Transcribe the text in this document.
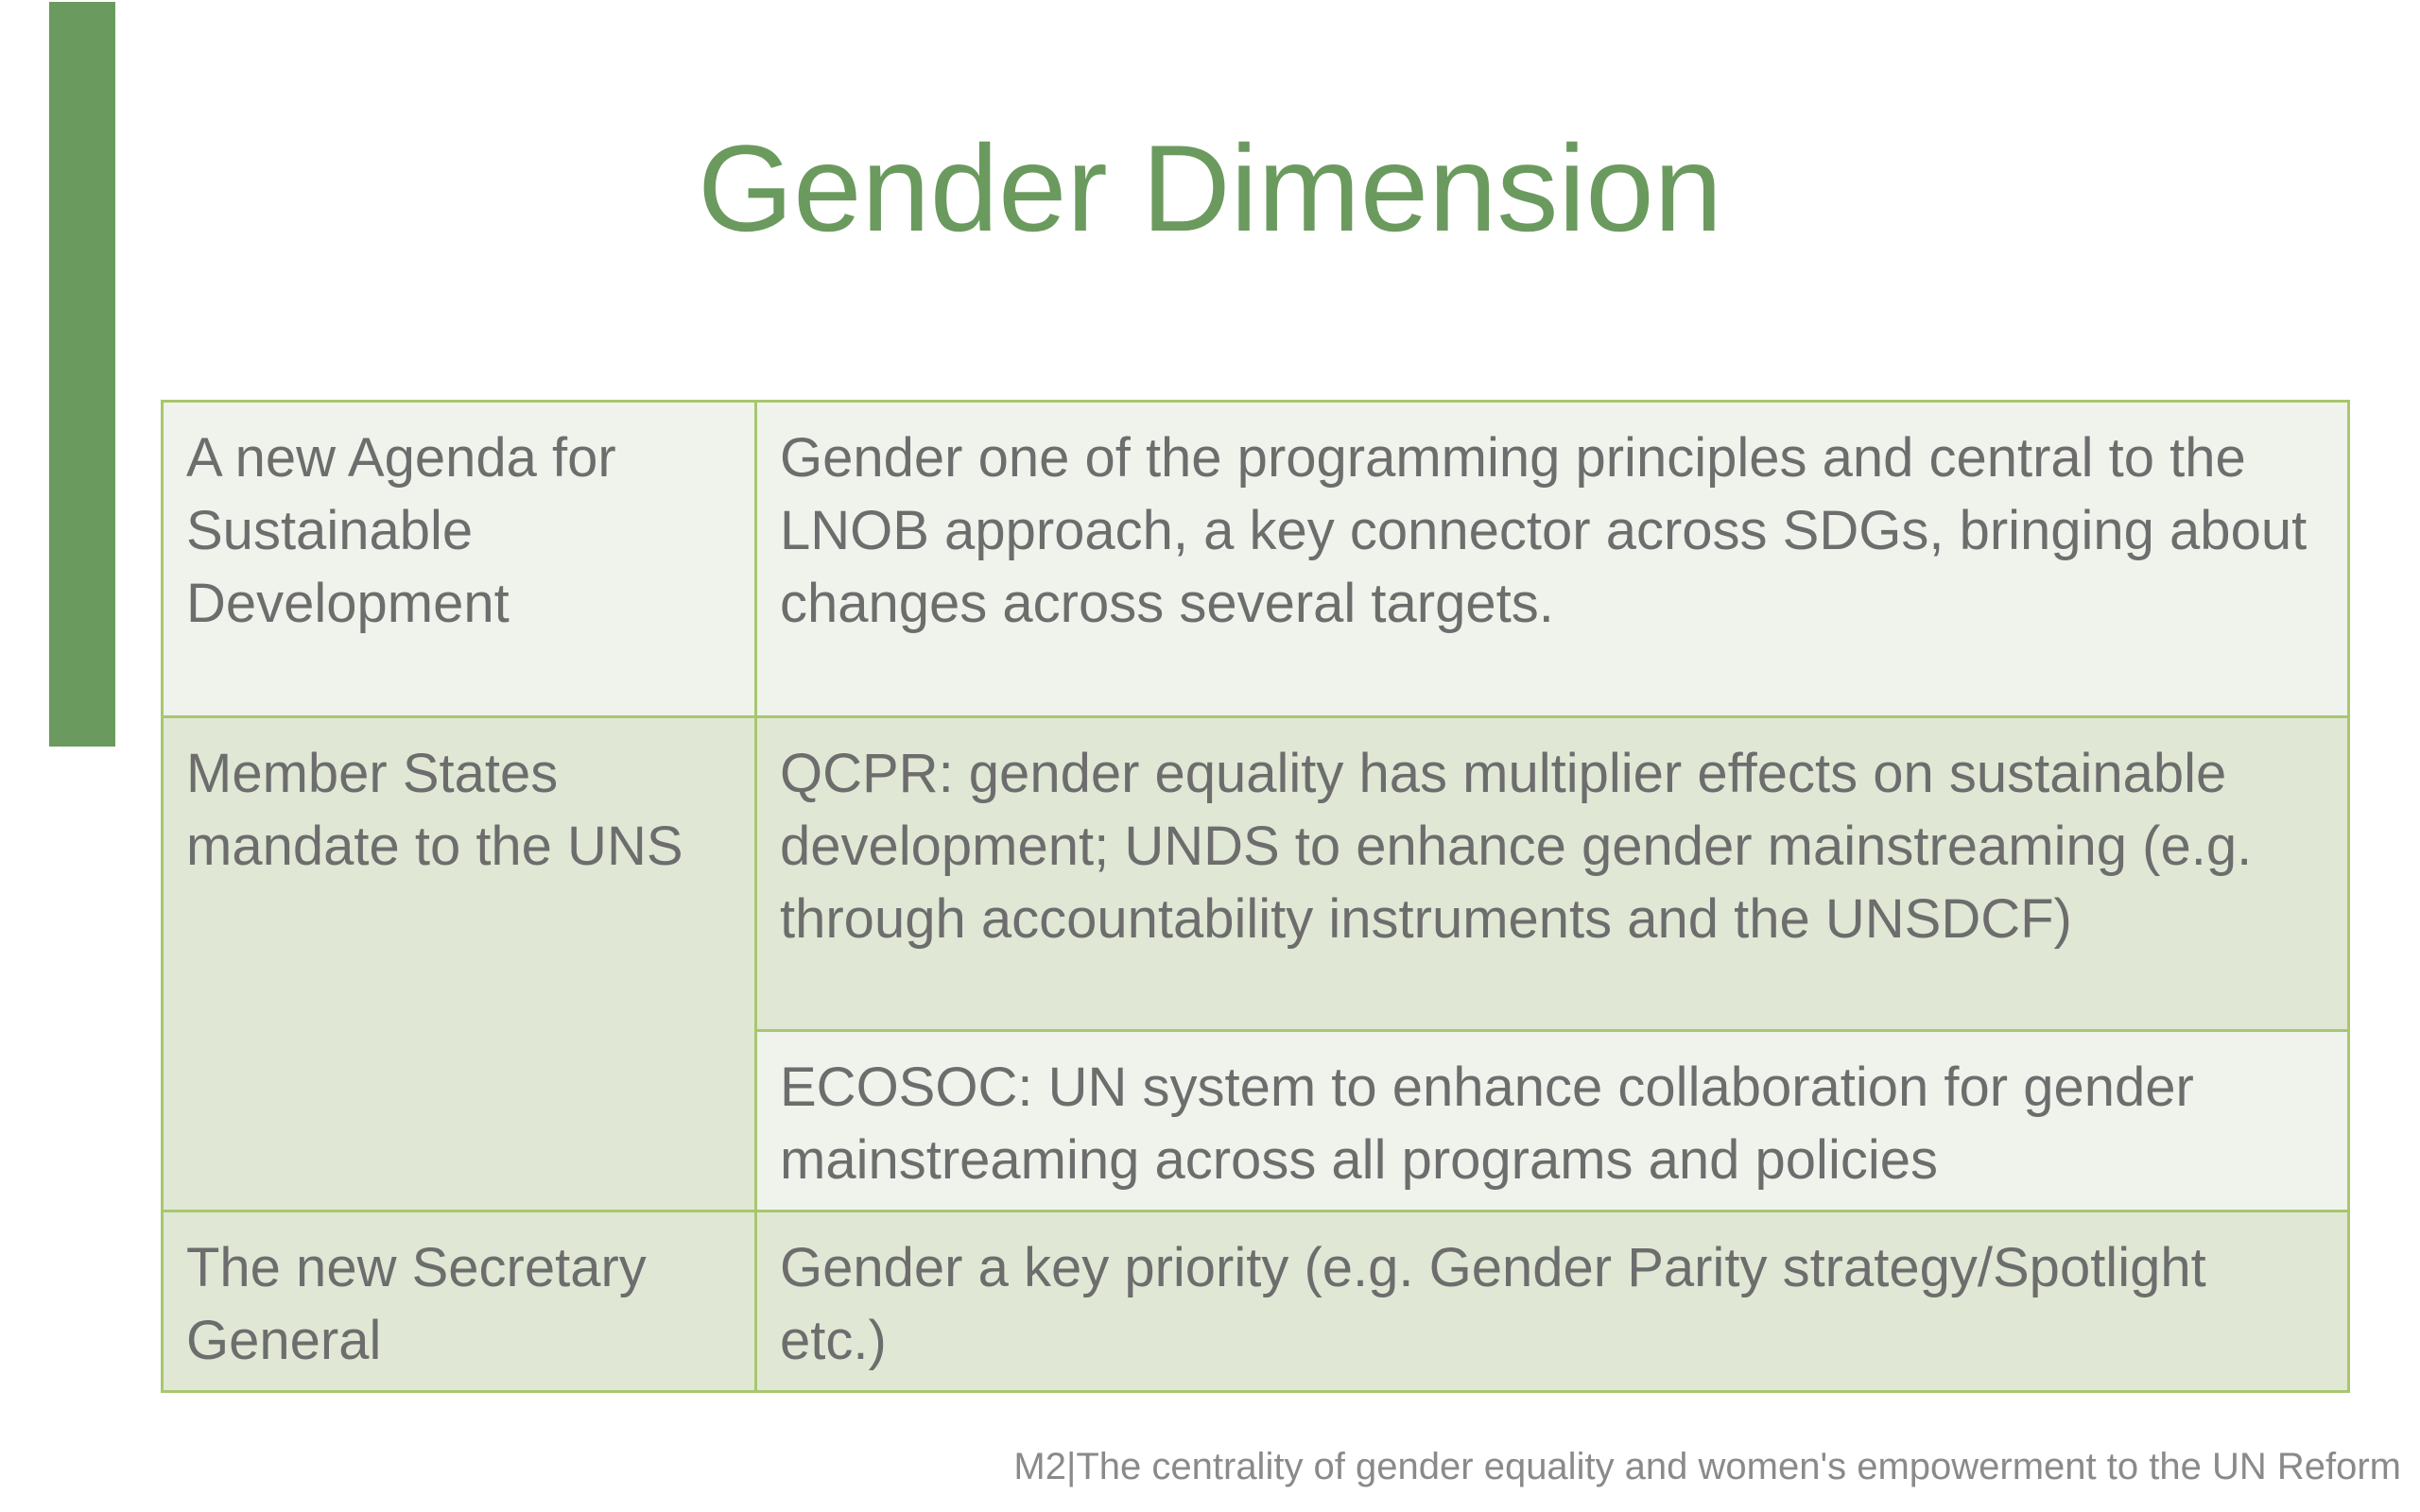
Gender Dimension
A new Agenda for Sustainable Development	Gender one of the programming principles and central to the LNOB approach, a key connector across SDGs, bringing about changes across several targets.
Member States mandate to the UNS	QCPR: gender equality has multiplier effects on sustainable development; UNDS to enhance gender mainstreaming (e.g. through accountability instruments and the UNSDCF)
	ECOSOC: UN system to enhance collaboration for gender mainstreaming across all programs and policies
The new Secretary General	Gender a key priority (e.g. Gender Parity strategy/Spotlight etc.)
M2|The centrality of gender equality and women's empowerment to the UN Reform
